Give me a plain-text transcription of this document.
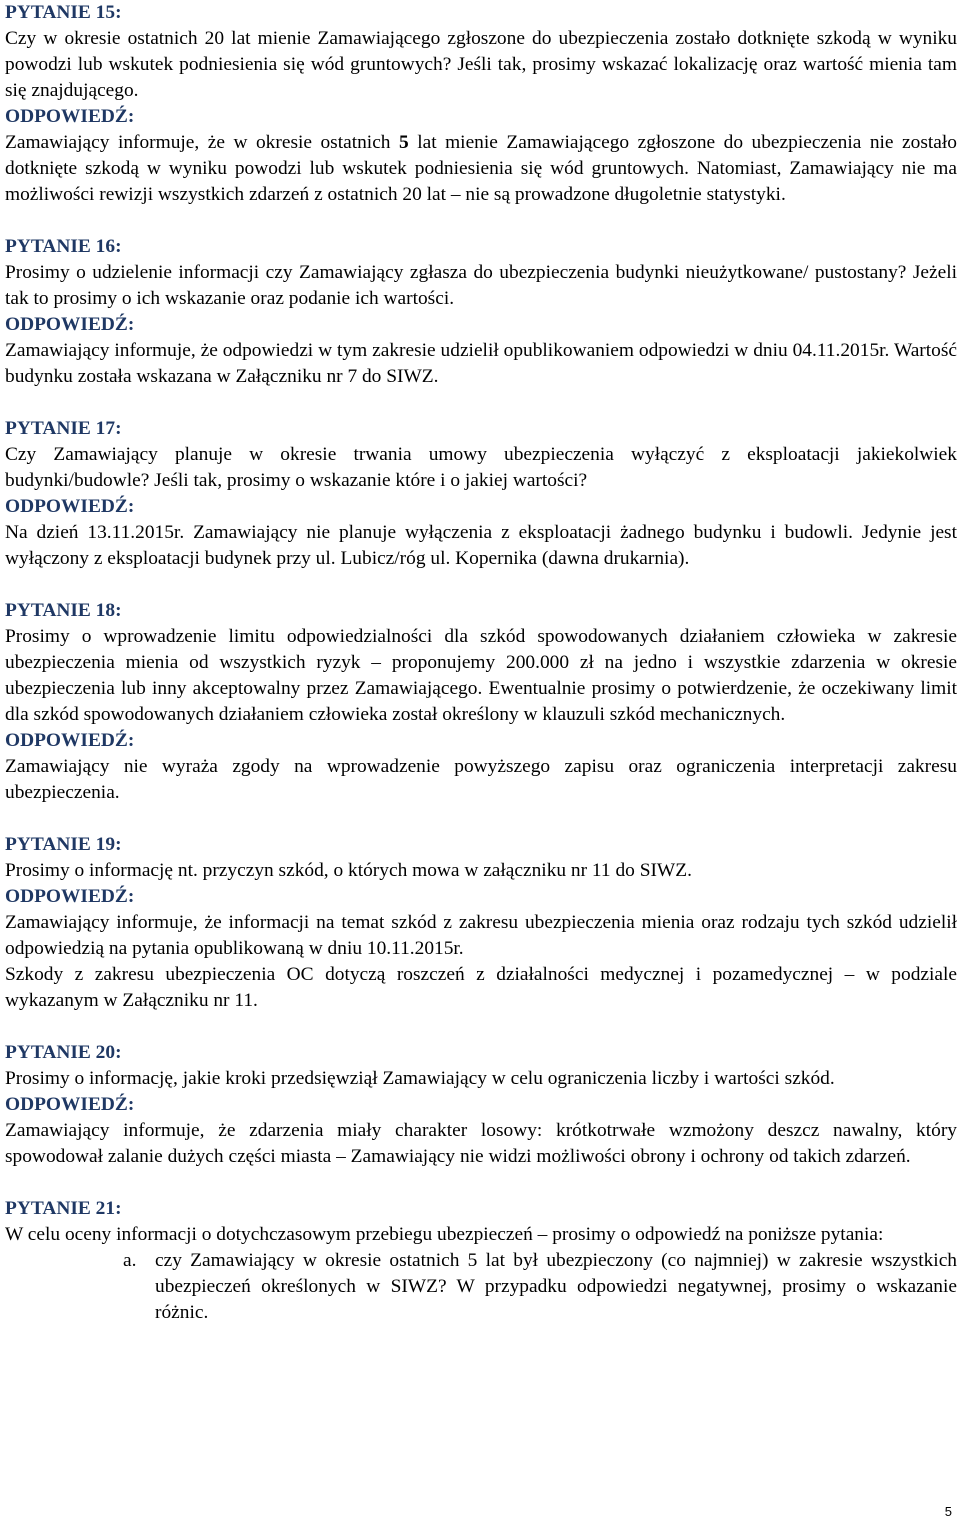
PYTANIE 15:

Czy w okresie ostatnich 20 lat mienie Zamawiającego zgłoszone do ubezpieczenia zostało dotknięte szkodą w wyniku powodzi lub wskutek podniesienia się wód gruntowych? Jeśli tak, prosimy wskazać lokalizację oraz wartość mienia tam się znajdującego.

ODPOWIEDŹ:

Zamawiający informuje, że w okresie ostatnich 5 lat mienie Zamawiającego zgłoszone do ubezpieczenia nie zostało dotknięte szkodą w wyniku powodzi lub wskutek podniesienia się wód gruntowych. Natomiast, Zamawiający nie ma możliwości rewizji wszystkich zdarzeń z ostatnich 20 lat – nie są prowadzone długoletnie statystyki.

PYTANIE 16:

Prosimy o udzielenie informacji czy Zamawiający zgłasza do ubezpieczenia budynki nieużytkowane/ pustostany? Jeżeli tak to prosimy o ich wskazanie oraz podanie ich wartości.

ODPOWIEDŹ:

Zamawiający informuje, że odpowiedzi w tym zakresie udzielił opublikowaniem odpowiedzi w dniu 04.11.2015r. Wartość budynku została wskazana w Załączniku nr 7 do SIWZ.

PYTANIE 17:

Czy Zamawiający planuje w okresie trwania umowy ubezpieczenia wyłączyć z eksploatacji jakiekolwiek budynki/budowle? Jeśli tak, prosimy o wskazanie które i o jakiej wartości?

ODPOWIEDŹ:

Na dzień 13.11.2015r. Zamawiający nie planuje wyłączenia z eksploatacji żadnego budynku i budowli. Jedynie jest wyłączony z eksploatacji budynek przy ul. Lubicz/róg ul. Kopernika (dawna drukarnia).

PYTANIE 18:

Prosimy o wprowadzenie limitu odpowiedzialności dla szkód spowodowanych działaniem człowieka w zakresie ubezpieczenia mienia od wszystkich ryzyk – proponujemy 200.000 zł na jedno i wszystkie zdarzenia w okresie ubezpieczenia lub inny akceptowalny przez Zamawiającego. Ewentualnie prosimy o potwierdzenie, że oczekiwany limit dla szkód spowodowanych działaniem człowieka został określony w klauzuli szkód mechanicznych.

ODPOWIEDŹ:

Zamawiający nie wyraża zgody na wprowadzenie powyższego zapisu oraz ograniczenia interpretacji zakresu ubezpieczenia.

PYTANIE 19:

Prosimy o informację nt. przyczyn szkód, o których mowa w załączniku nr 11 do SIWZ.

ODPOWIEDŹ:

Zamawiający informuje, że informacji na temat szkód z zakresu ubezpieczenia mienia oraz rodzaju tych szkód udzielił odpowiedzią na pytania opublikowaną w dniu 10.11.2015r.

Szkody z zakresu ubezpieczenia OC dotyczą roszczeń z działalności medycznej i pozamedycznej – w podziale wykazanym w Załączniku nr 11.

PYTANIE 20:

Prosimy o informację, jakie kroki przedsięwziął Zamawiający w celu ograniczenia liczby i wartości szkód.

ODPOWIEDŹ:

Zamawiający informuje, że zdarzenia miały charakter losowy: krótkotrwałe wzmożony deszcz nawalny, który spowodował zalanie dużych części miasta – Zamawiający nie widzi możliwości obrony i ochrony od takich zdarzeń.

PYTANIE 21:

W celu oceny informacji o dotychczasowym przebiegu ubezpieczeń – prosimy o odpowiedź na poniższe pytania:

a. czy Zamawiający w okresie ostatnich 5 lat był ubezpieczony (co najmniej) w zakresie wszystkich ubezpieczeń określonych w SIWZ? W przypadku odpowiedzi negatywnej, prosimy o wskazanie różnic.
5
